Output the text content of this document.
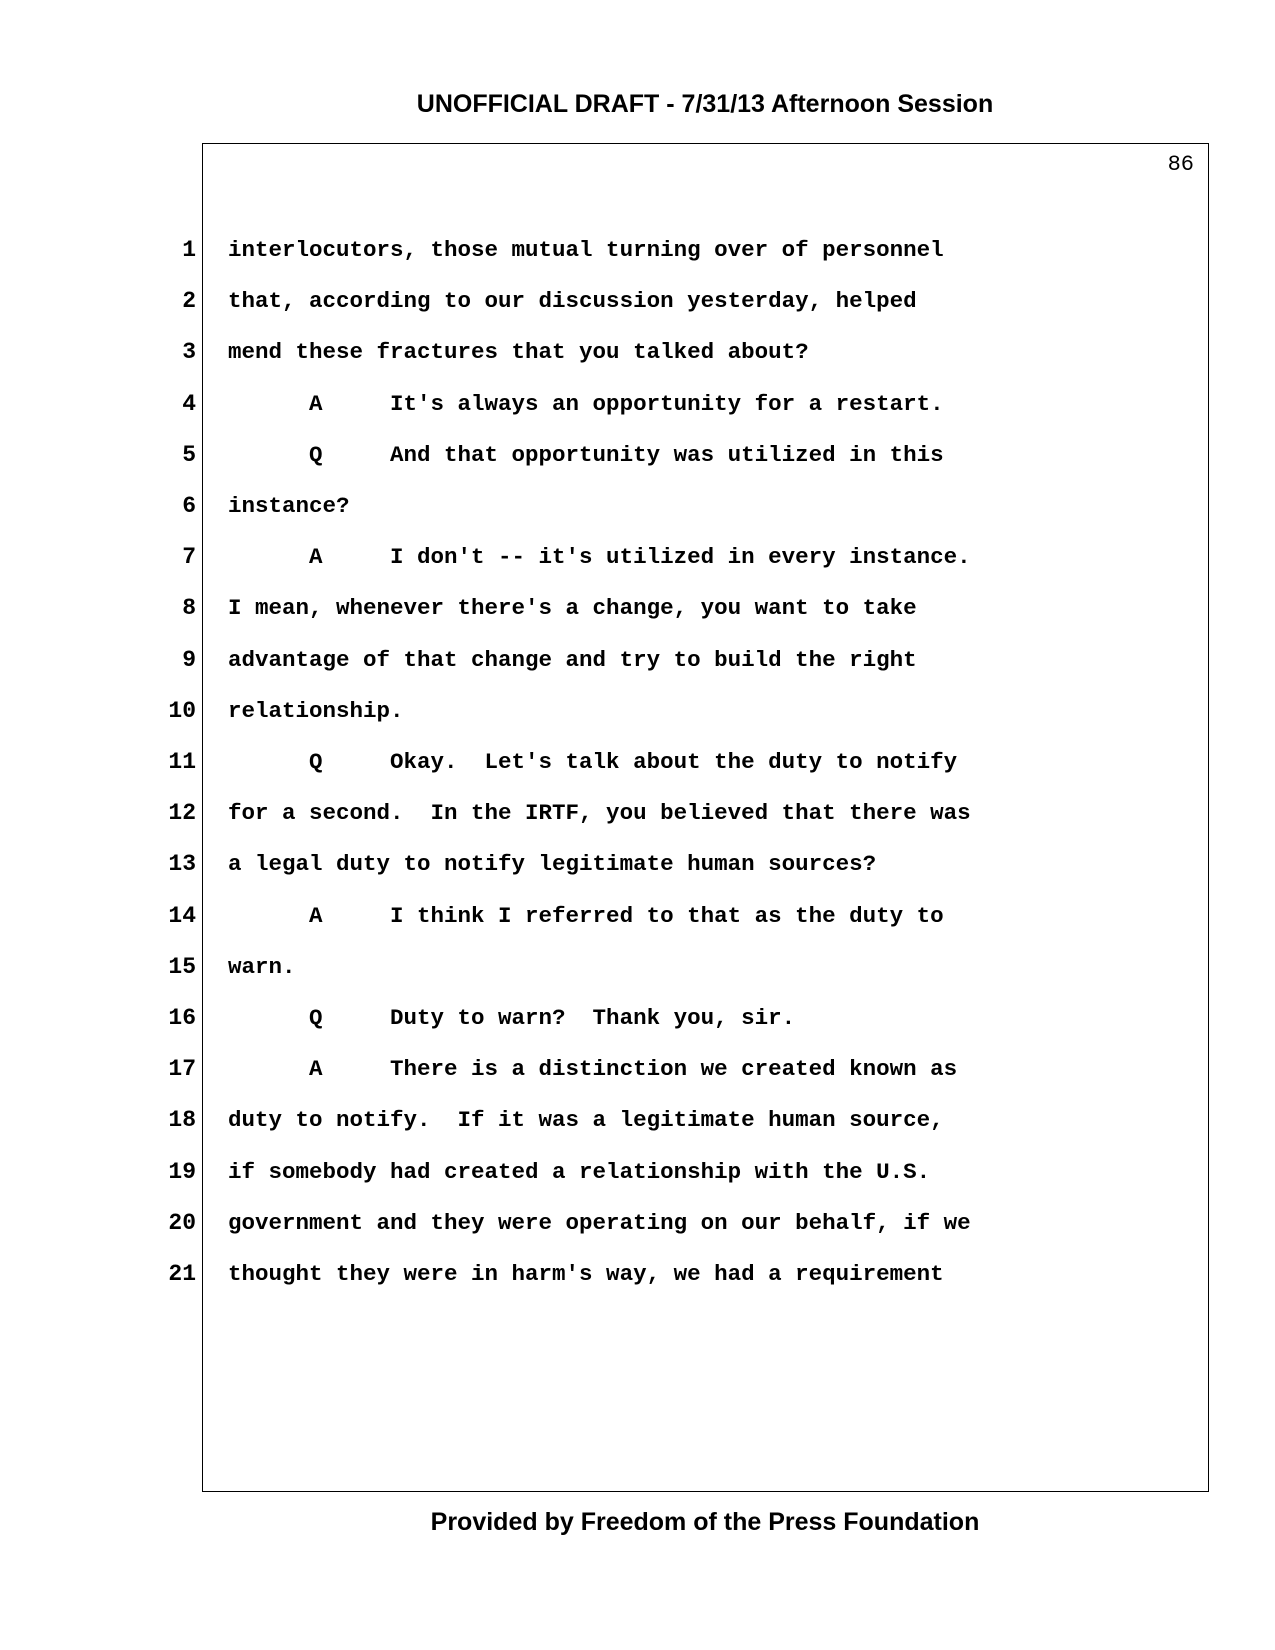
UNOFFICIAL DRAFT - 7/31/13 Afternoon Session
86
1 interlocutors, those mutual turning over of personnel
2 that, according to our discussion yesterday, helped
3 mend these fractures that you talked about?
4 A     It's always an opportunity for a restart.
5 Q     And that opportunity was utilized in this
6 instance?
7 A     I don't -- it's utilized in every instance.
8 I mean, whenever there's a change, you want to take
9 advantage of that change and try to build the right
10 relationship.
11 Q     Okay.  Let's talk about the duty to notify
12 for a second.  In the IRTF, you believed that there was
13 a legal duty to notify legitimate human sources?
14 A     I think I referred to that as the duty to
15 warn.
16 Q     Duty to warn?  Thank you, sir.
17 A     There is a distinction we created known as
18 duty to notify.  If it was a legitimate human source,
19 if somebody had created a relationship with the U.S.
20 government and they were operating on our behalf, if we
21 thought they were in harm's way, we had a requirement
Provided by Freedom of the Press Foundation
